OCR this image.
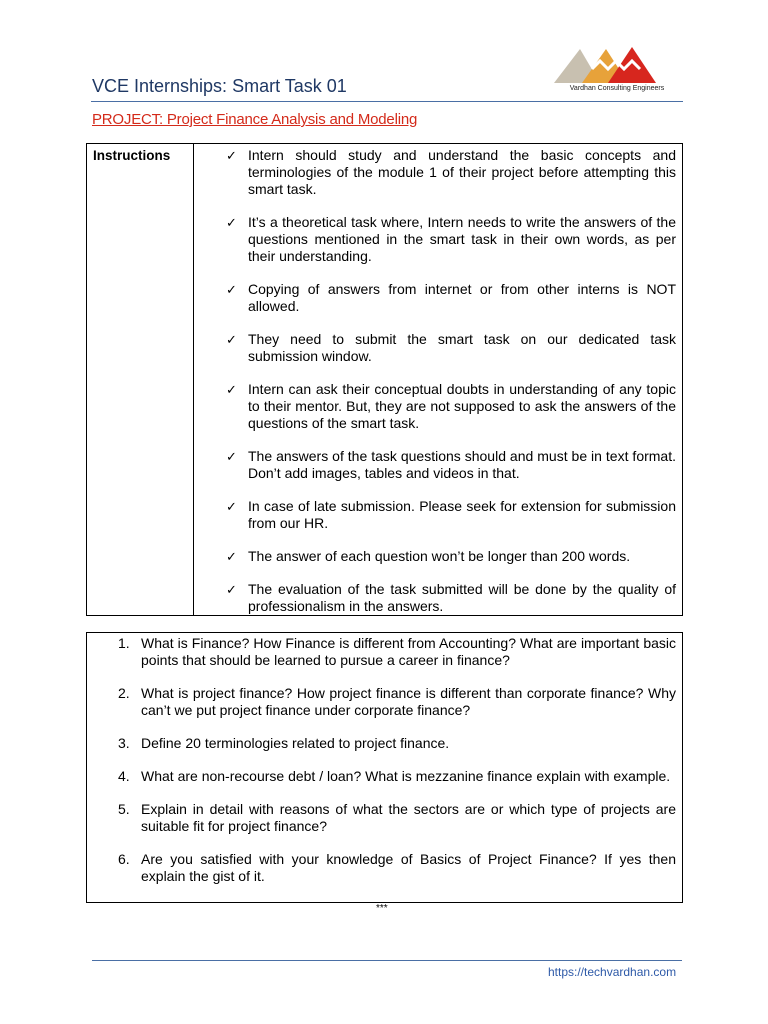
VCE Internships: Smart Task 01	Vardhan Consulting Engineers
PROJECT: Project Finance Analysis and Modeling
Instructions	✓ Intern should study and understand the basic concepts and terminologies of the module 1 of their project before attempting this smart task.
✓ It’s a theoretical task where, Intern needs to write the answers of the questions mentioned in the smart task in their own words, as per their understanding.
✓ Copying of answers from internet or from other interns is NOT allowed.
✓ They need to submit the smart task on our dedicated task submission window.
✓ Intern can ask their conceptual doubts in understanding of any topic to their mentor. But, they are not supposed to ask the answers of the questions of the smart task.
✓ The answers of the task questions should and must be in text format. Don’t add images, tables and videos in that.
✓ In case of late submission. Please seek for extension for submission from our HR.
✓ The answer of each question won’t be longer than 200 words.
✓ The evaluation of the task submitted will be done by the quality of professionalism in the answers.
1. What is Finance? How Finance is different from Accounting? What are important basic points that should be learned to pursue a career in finance?
2. What is project finance? How project finance is different than corporate finance? Why can’t we put project finance under corporate finance?
3. Define 20 terminologies related to project finance.
4. What are non-recourse debt / loan? What is mezzanine finance explain with example.
5. Explain in detail with reasons of what the sectors are or which type of projects are suitable fit for project finance?
6. Are you satisfied with your knowledge of Basics of Project Finance? If yes then explain the gist of it.
***
https://techvardhan.com
